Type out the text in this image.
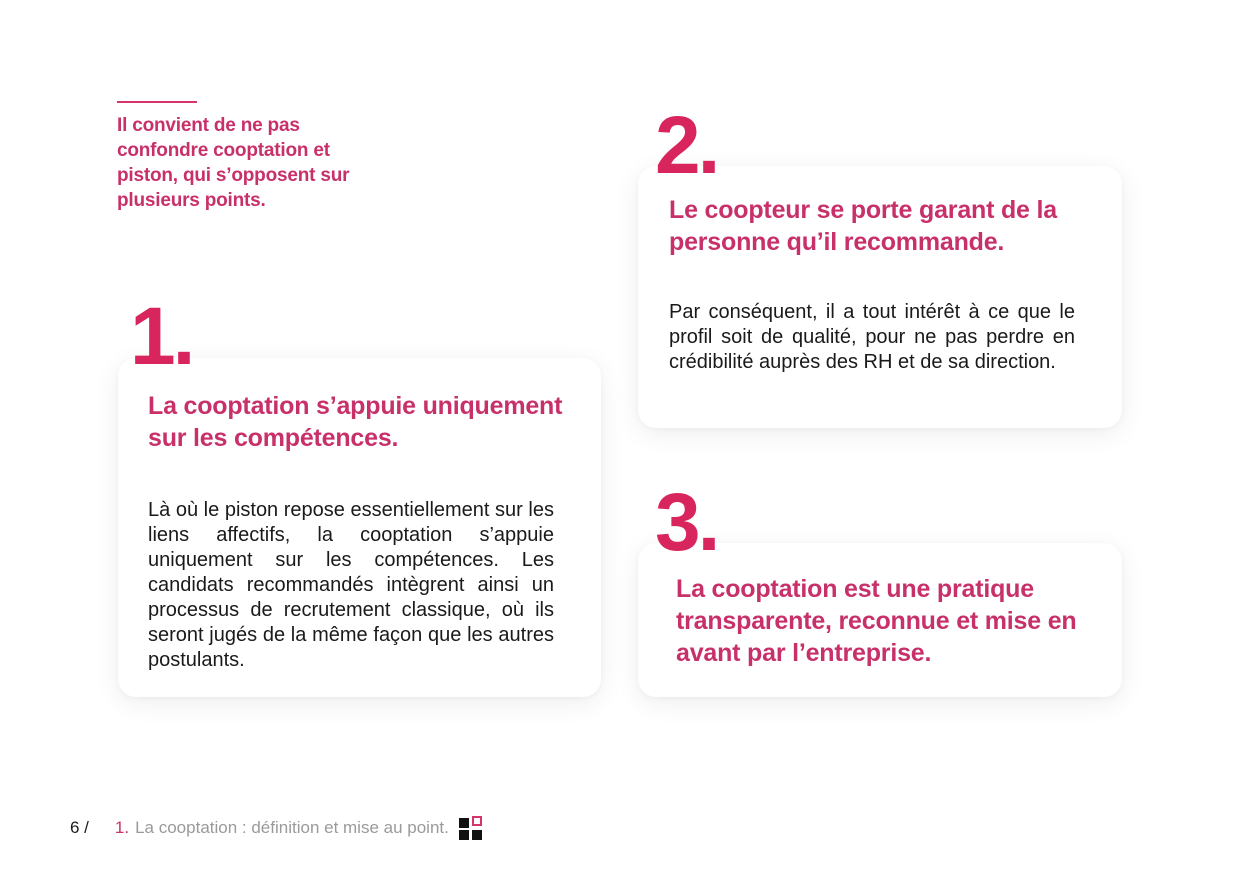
Il convient de ne pas confondre cooptation et piston, qui s’opposent sur plusieurs points.
1.
La cooptation s’appuie uniquement sur les compétences.
Là où le piston repose essentiellement sur les liens affectifs, la cooptation s’appuie uniquement sur les compétences. Les candidats recommandés intègrent ainsi un processus de recrutement classique, où ils seront jugés de la même façon que les autres postulants.
2.
Le coopteur se porte garant de la personne qu’il recommande.
Par conséquent, il a tout intérêt à ce que le profil soit de qualité, pour ne pas perdre en crédibilité auprès des RH et de sa direction.
3.
La cooptation est une pratique transparente, reconnue et mise en avant par l’entreprise.
6 / 1. La cooptation : définition et mise au point.
